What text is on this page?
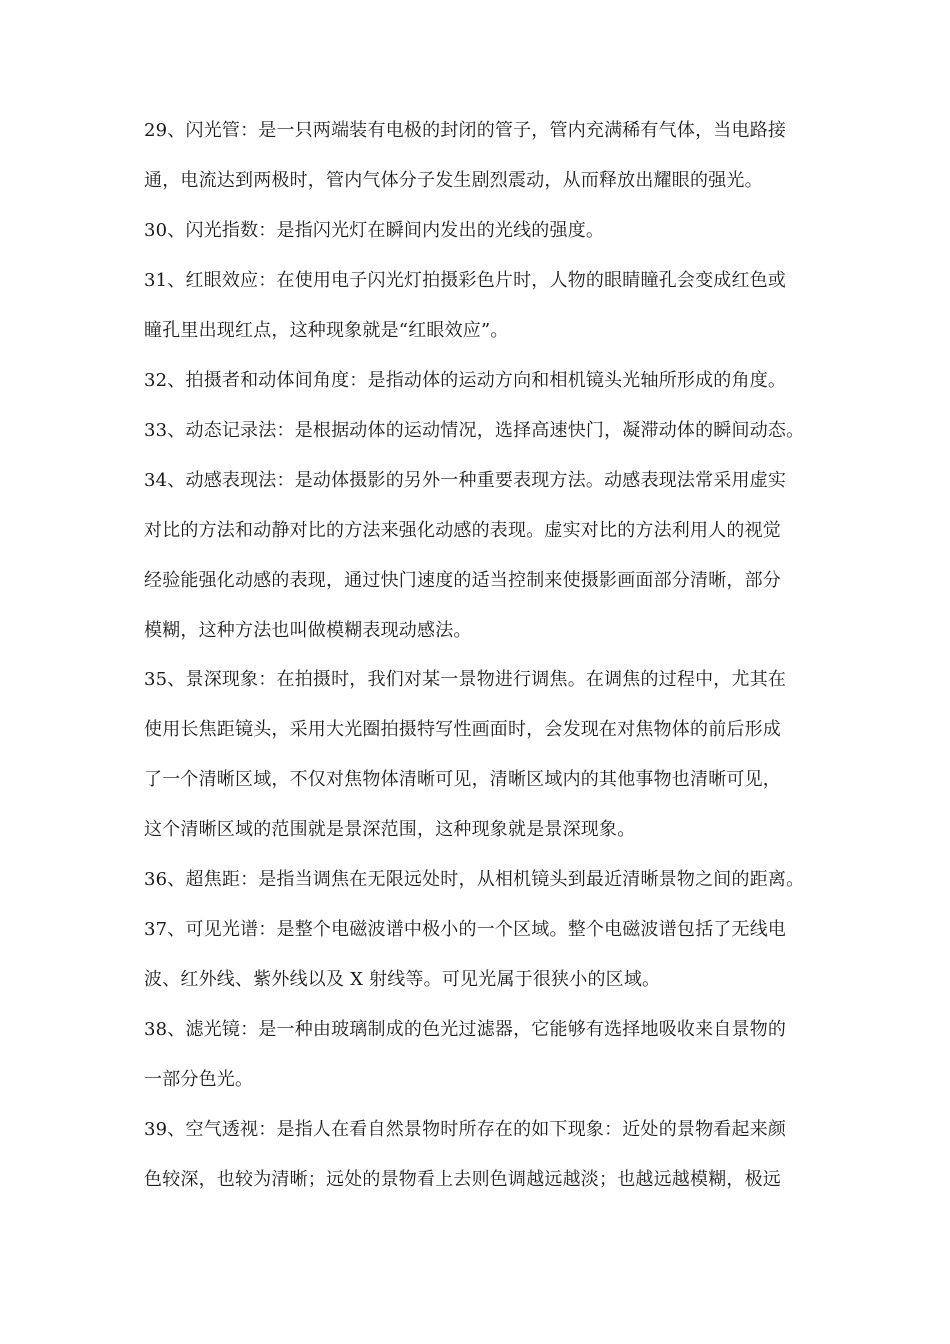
29、闪光管：是一只两端装有电极的封闭的管子，管内充满稀有气体，当电路接
通，电流达到两极时，管内气体分子发生剧烈震动，从而释放出耀眼的强光。
30、闪光指数：是指闪光灯在瞬间内发出的光线的强度。
31、红眼效应：在使用电子闪光灯拍摄彩色片时，人物的眼睛瞳孔会变成红色或
瞳孔里出现红点，这种现象就是“红眼效应”。
32、拍摄者和动体间角度：是指动体的运动方向和相机镜头光轴所形成的角度。
33、动态记录法：是根据动体的运动情况，选择高速快门，凝滞动体的瞬间动态。
34、动感表现法：是动体摄影的另外一种重要表现方法。动感表现法常采用虚实
对比的方法和动静对比的方法来强化动感的表现。虚实对比的方法利用人的视觉
经验能强化动感的表现，通过快门速度的适当控制来使摄影画面部分清晰，部分
模糊，这种方法也叫做模糊表现动感法。
35、景深现象：在拍摄时，我们对某一景物进行调焦。在调焦的过程中，尤其在
使用长焦距镜头，采用大光圈拍摄特写性画面时，会发现在对焦物体的前后形成
了一个清晰区域，不仅对焦物体清晰可见，清晰区域内的其他事物也清晰可见，
这个清晰区域的范围就是景深范围，这种现象就是景深现象。
36、超焦距：是指当调焦在无限远处时，从相机镜头到最近清晰景物之间的距离。
37、可见光谱：是整个电磁波谱中极小的一个区域。整个电磁波谱包括了无线电
波、红外线、紫外线以及 X 射线等。可见光属于很狭小的区域。
38、滤光镜：是一种由玻璃制成的色光过滤器，它能够有选择地吸收来自景物的
一部分色光。
39、空气透视：是指人在看自然景物时所存在的如下现象：近处的景物看起来颜
色较深，也较为清晰；远处的景物看上去则色调越远越淡；也越远越模糊，极远
